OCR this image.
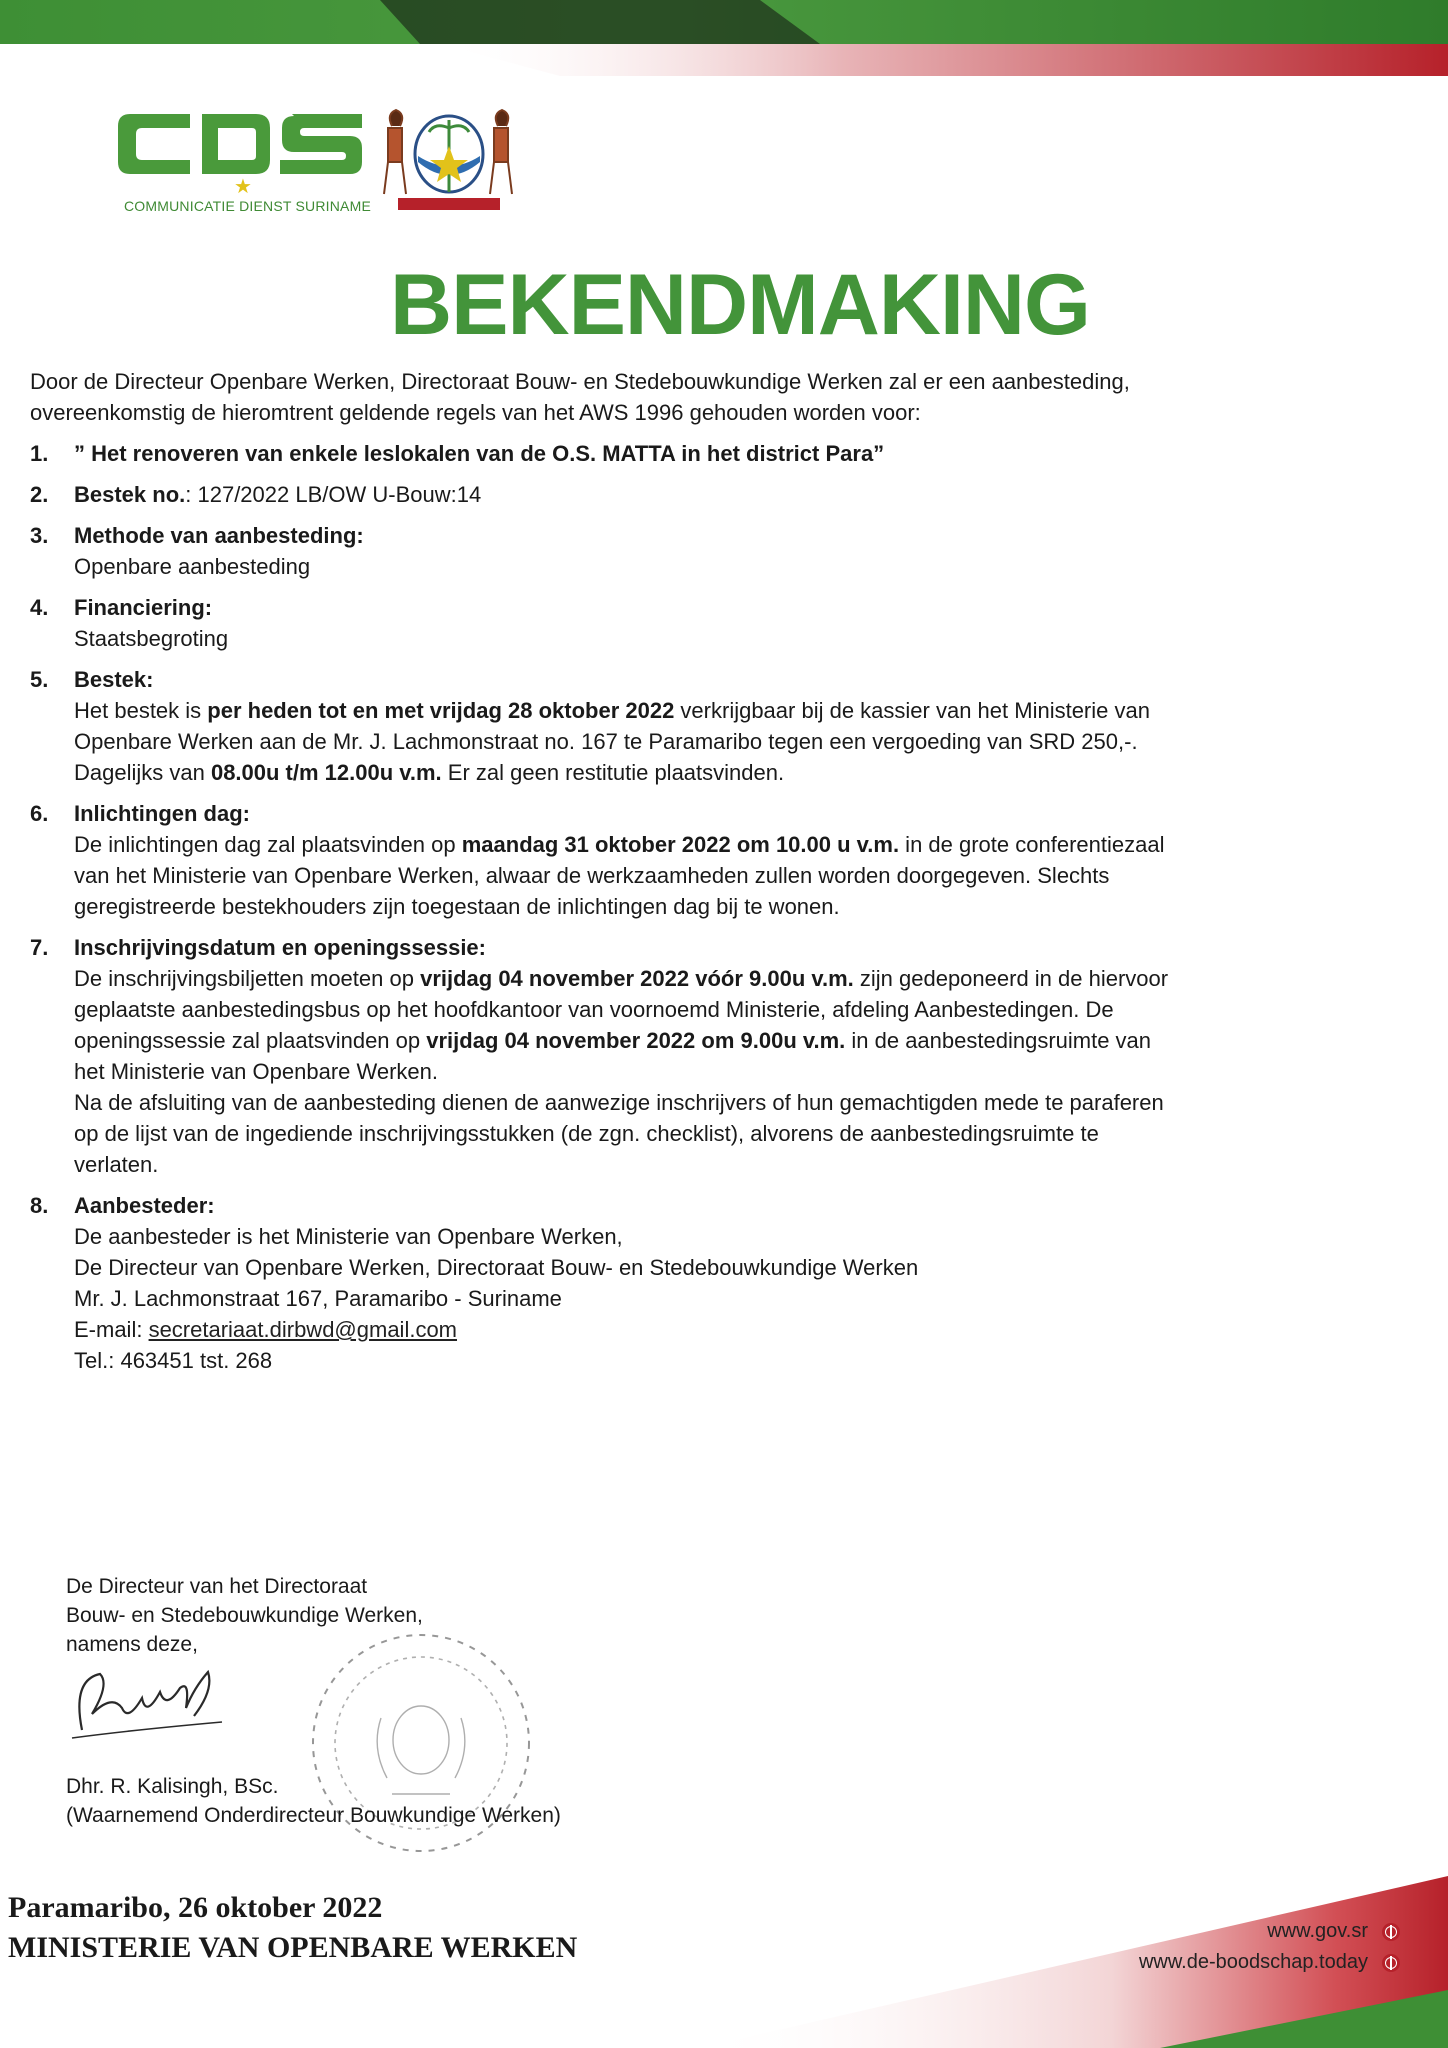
★
COMMUNICATIE DIENST SURINAME
BEKENDMAKING

Door de Directeur Openbare Werken, Directoraat Bouw- en Stedebouwkundige Werken zal er een aanbesteding, overeenkomstig de hieromtrent geldende regels van het AWS 1996 gehouden worden voor:

1. ” Het renoveren van enkele leslokalen van de O.S. MATTA in het district Para”
2. Bestek no.: 127/2022 LB/OW U-Bouw:14
3. Methode van aanbesteding:
Openbare aanbesteding
4. Financiering:
Staatsbegroting
5. Bestek:

Het bestek is per heden tot en met vrijdag 28 oktober 2022 verkrijgbaar bij de kassier van het Ministerie van Openbare Werken aan de Mr. J. Lachmonstraat no. 167 te Paramaribo tegen een vergoeding van SRD 250,-. Dagelijks van 08.00u t/m 12.00u v.m. Er zal geen restitutie plaatsvinden.

6. Inlichtingen dag:

De inlichtingen dag zal plaatsvinden op maandag 31 oktober 2022 om 10.00 u v.m. in de grote conferentiezaal van het Ministerie van Openbare Werken, alwaar de werkzaamheden zullen worden doorgegeven. Slechts geregistreerde bestekhouders zijn toegestaan de inlichtingen dag bij te wonen.

7. Inschrijvingsdatum en openingssessie:

De inschrijvingsbiljetten moeten op vrijdag 04 november 2022 vóór 9.00u v.m. zijn gedeponeerd in de hiervoor geplaatste aanbestedingsbus op het hoofdkantoor van voornoemd Ministerie, afdeling Aanbestedingen. De openingssessie zal plaatsvinden op vrijdag 04 november 2022 om 9.00u v.m. in de aanbestedingsruimte van het Ministerie van Openbare Werken.

Na de afsluiting van de aanbesteding dienen de aanwezige inschrijvers of hun gemachtigden mede te paraferen op de lijst van de ingediende inschrijvingsstukken (de zgn. checklist), alvorens de aanbestedingsruimte te verlaten.

8. Aanbesteder:

De aanbesteder is het Ministerie van Openbare Werken,

De Directeur van Openbare Werken, Directoraat Bouw- en Stedebouwkundige Werken

Mr. J. Lachmonstraat 167, Paramaribo - Suriname

E-mail: secretariaat.dirbwd@gmail.com

Tel.: 463451 tst. 268

De Directeur van het Directoraat

Bouw- en Stedebouwkundige Werken,

namens deze,

Dhr. R. Kalisingh, BSc.

(Waarnemend Onderdirecteur Bouwkundige Werken)

Paramaribo, 26 oktober 2022

MINISTERIE VAN OPENBARE WERKEN	www.gov.sr
www.de-boodschap.today
